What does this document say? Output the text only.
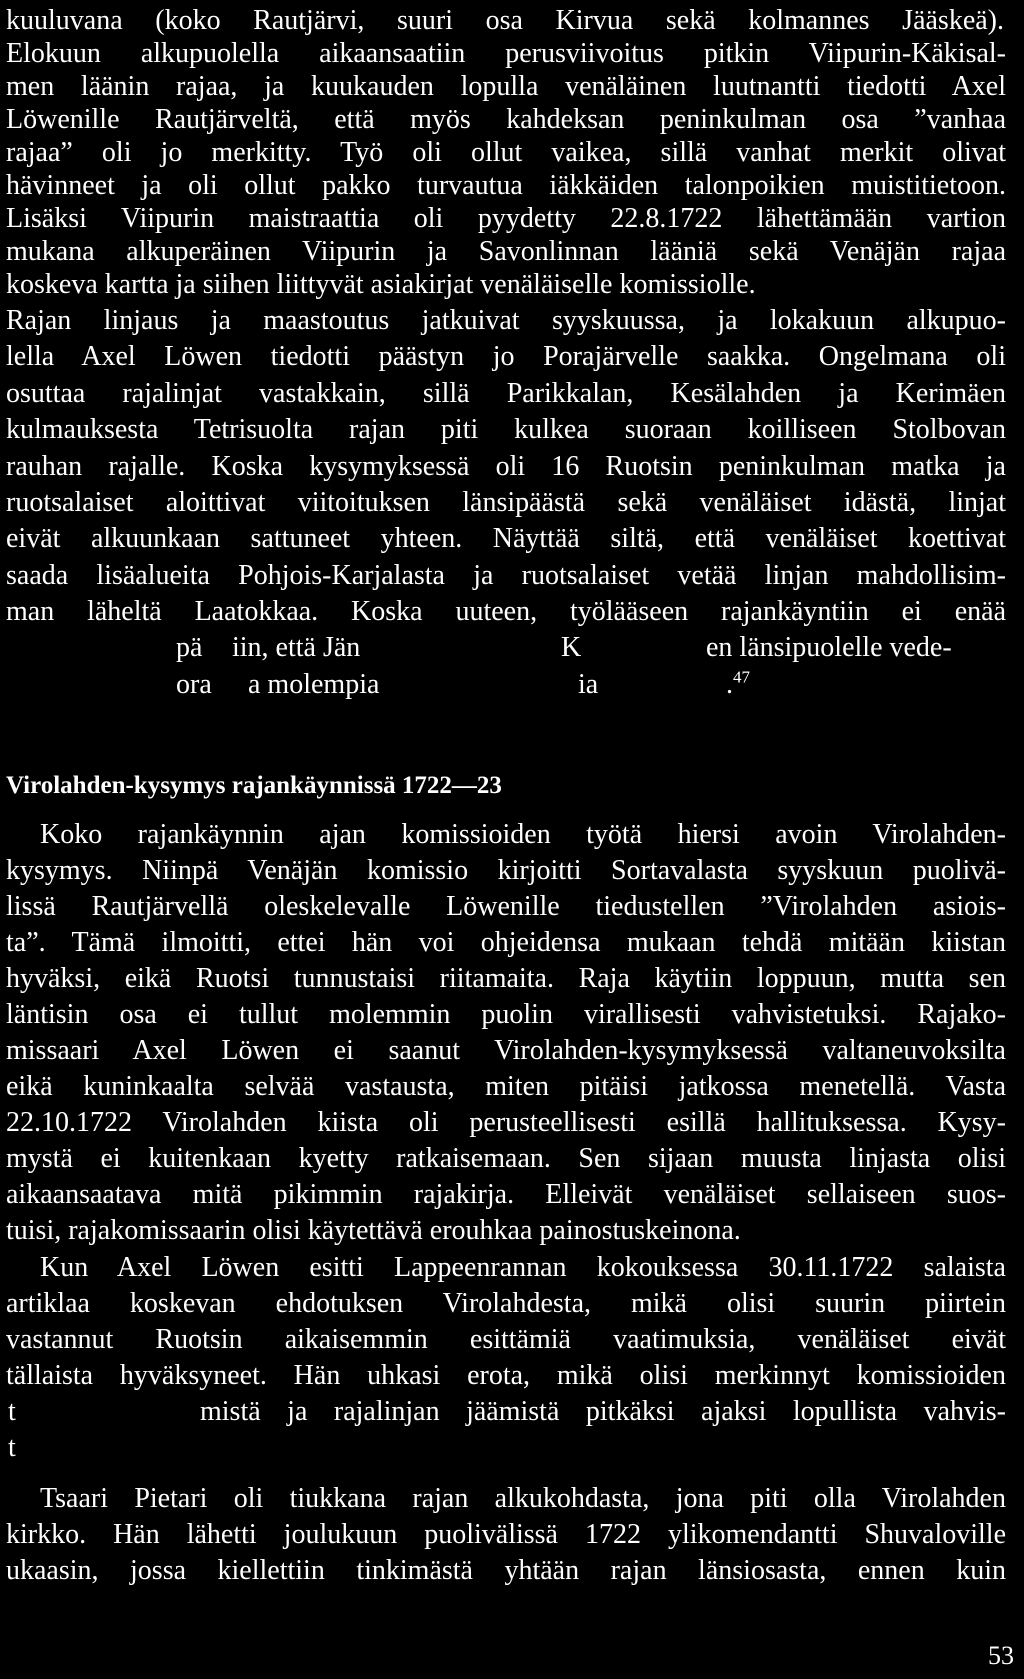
kuuluvana (koko Rautjärvi, suuri osa Kirvua sekä kolmannes Jääskeä).
Elokuun alkupuolella aikaansaatiin perusviivoitus pitkin Viipurin-Käkisal-
men läänin rajaa, ja kuukauden lopulla venäläinen luutnantti tiedotti Axel
Löwenille Rautjärveltä, että myös kahdeksan peninkulman osa ”vanhaa
rajaa” oli jo merkitty. Työ oli ollut vaikea, sillä vanhat merkit olivat
hävinneet ja oli ollut pakko turvautua iäkkäiden talonpoikien muistitietoon.
Lisäksi Viipurin maistraattia oli pyydetty 22.8.1722 lähettämään vartion
mukana alkuperäinen Viipurin ja Savonlinnan lääniä sekä Venäjän rajaa
koskeva kartta ja siihen liittyvät asiakirjat venäläiselle komissiolle.
Rajan linjaus ja maastoutus jatkuivat syyskuussa, ja lokakuun alkupuo-
lella Axel Löwen tiedotti päästyn jo Porajärvelle saakka. Ongelmana oli
osuttaa rajalinjat vastakkain, sillä Parikkalan, Kesälahden ja Kerimäen
kulmauksesta Tetrisuolta rajan piti kulkea suoraan koilliseen Stolbovan
rauhan rajalle. Koska kysymyksessä oli 16 Ruotsin peninkulman matka ja
ruotsalaiset aloittivat viitoituksen länsipäästä sekä venäläiset idästä, linjat
eivät alkuunkaan sattuneet yhteen. Näyttää siltä, että venäläiset koettivat
saada lisäalueita Pohjois-Karjalasta ja ruotsalaiset vetää linjan mahdollisim-
man läheltä Laatokkaa. Koska uuteen, työlääseen rajankäyntiin ei enää
pä iin, että Jän	K	en länsipuolelle vede-
ora a molempia	ia	.$^{47}$
Virolahden-kysymys rajankäynnissä 1722—23
Koko rajankäynnin ajan komissioiden työtä hiersi avoin Virolahden-
kysymys. Niinpä Venäjän komissio kirjoitti Sortavalasta syyskuun puolivä-
lissä Rautjärvellä oleskelevalle Löwenille tiedustellen ”Virolahden asiois-
ta”. Tämä ilmoitti, ettei hän voi ohjeidensa mukaan tehdä mitään kiistan
hyväksi, eikä Ruotsi tunnustaisi riitamaita. Raja käytiin loppuun, mutta sen
läntisin osa ei tullut molemmin puolin virallisesti vahvistetuksi. Rajako-
missaari Axel Löwen ei saanut Virolahden-kysymyksessä valtaneuvoksilta
eikä kuninkaalta selvää vastausta, miten pitäisi jatkossa menetellä. Vasta
22.10.1722 Virolahden kiista oli perusteellisesti esillä hallituksessa. Kysy-
mystä ei kuitenkaan kyetty ratkaisemaan. Sen sijaan muusta linjasta olisi
aikaansaatava mitä pikimmin rajakirja. Elleivät venäläiset sellaiseen suos-
tuisi, rajakomissaarin olisi käytettävä erouhkaa painostuskeinona.
Kun Axel Löwen esitti Lappeenrannan kokouksessa 30.11.1722 salaista
artiklaa koskevan ehdotuksen Virolahdesta, mikä olisi suurin piirtein
vastannut Ruotsin aikaisemmin esittämiä vaatimuksia, venäläiset eivät
tällaista hyväksyneet. Hän uhkasi erota, mikä olisi merkinnyt komissioiden
t	mistä ja rajalinjan jäämistä pitkäksi ajaksi lopullista vahvis-
t
Tsaari Pietari oli tiukkana rajan alkukohdasta, jona piti olla Virolahden
kirkko. Hän lähetti joulukuun puolivälissä 1722 ylikomendantti Shuvaloville
ukaasin, jossa kiellettiin tinkimästä yhtään rajan länsiosasta, ennen kuin
53
